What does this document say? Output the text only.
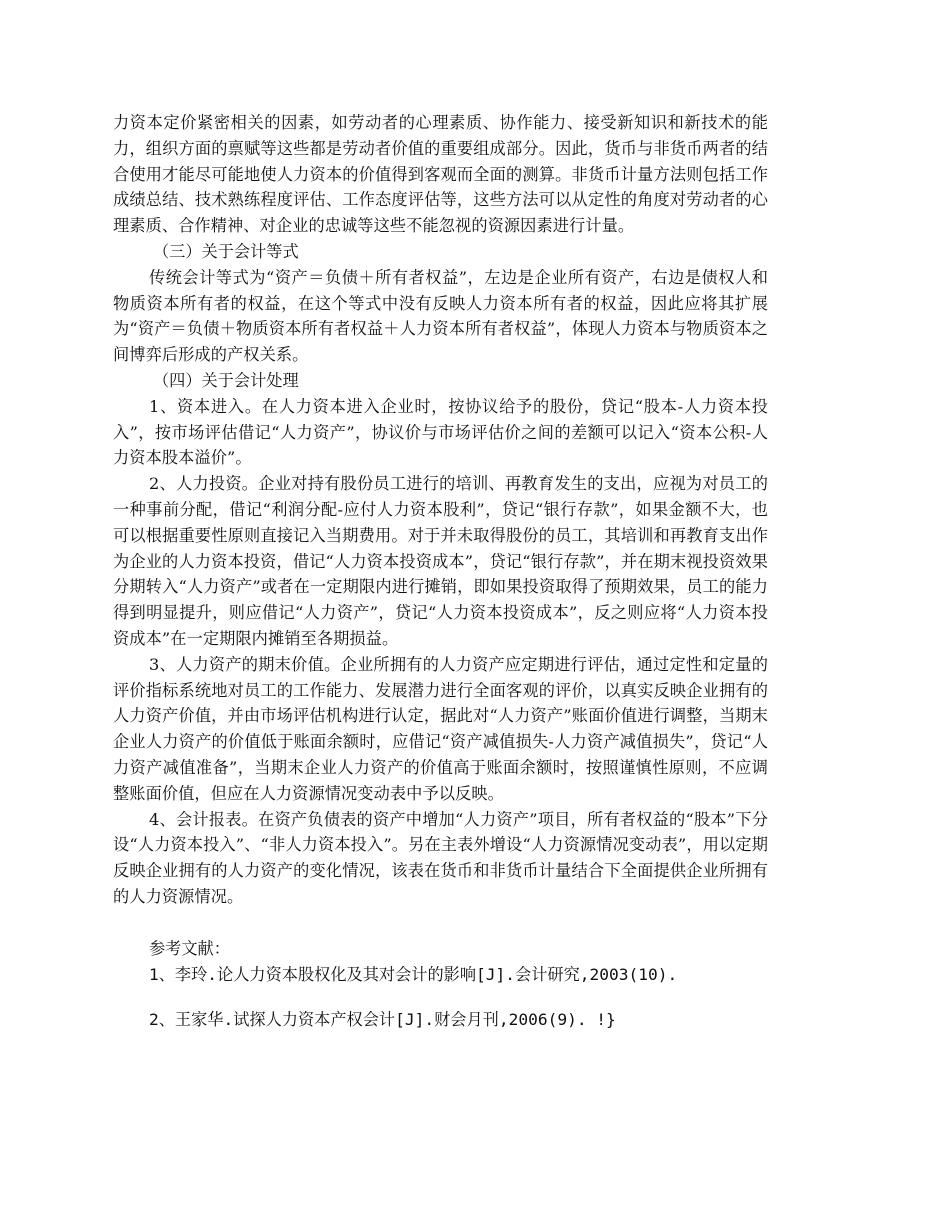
力资本定价紧密相关的因素，如劳动者的心理素质、协作能力、接受新知识和新技术的能力，组织方面的禀赋等这些都是劳动者价值的重要组成部分。因此，货币与非货币两者的结合使用才能尽可能地使人力资本的价值得到客观而全面的测算。非货币计量方法则包括工作成绩总结、技术熟练程度评估、工作态度评估等，这些方法可以从定性的角度对劳动者的心理素质、合作精神、对企业的忠诚等这些不能忽视的资源因素进行计量。

（三）关于会计等式

传统会计等式为“资产＝负债＋所有者权益”，左边是企业所有资产，右边是债权人和物质资本所有者的权益，在这个等式中没有反映人力资本所有者的权益，因此应将其扩展为“资产＝负债＋物质资本所有者权益＋人力资本所有者权益”，体现人力资本与物质资本之间博弈后形成的产权关系。

（四）关于会计处理

1、资本进入。在人力资本进入企业时，按协议给予的股份，贷记“股本-人力资本投入”，按市场评估借记“人力资产”，协议价与市场评估价之间的差额可以记入“资本公积-人力资本股本溢价”。

2、人力投资。企业对持有股份员工进行的培训、再教育发生的支出，应视为对员工的一种事前分配，借记“利润分配-应付人力资本股利”，贷记“银行存款”，如果金额不大，也可以根据重要性原则直接记入当期费用。对于并未取得股份的员工，其培训和再教育支出作为企业的人力资本投资，借记“人力资本投资成本”，贷记“银行存款”，并在期末视投资效果分期转入“人力资产”或者在一定期限内进行摊销，即如果投资取得了预期效果，员工的能力得到明显提升，则应借记“人力资产”，贷记“人力资本投资成本”，反之则应将“人力资本投资成本”在一定期限内摊销至各期损益。

3、人力资产的期末价值。企业所拥有的人力资产应定期进行评估，通过定性和定量的评价指标系统地对员工的工作能力、发展潜力进行全面客观的评价，以真实反映企业拥有的人力资产价值，并由市场评估机构进行认定，据此对“人力资产”账面价值进行调整，当期末企业人力资产的价值低于账面余额时，应借记“资产减值损失-人力资产减值损失”，贷记“人力资产减值准备”，当期末企业人力资产的价值高于账面余额时，按照谨慎性原则，不应调整账面价值，但应在人力资源情况变动表中予以反映。

4、会计报表。在资产负债表的资产中增加“人力资产”项目，所有者权益的“股本”下分设“人力资本投入”、“非人力资本投入”。另在主表外增设“人力资源情况变动表”，用以定期反映企业拥有的人力资产的变化情况，该表在货币和非货币计量结合下全面提供企业所拥有的人力资源情况。

参考文献：

1、李玲.论人力资本股权化及其对会计的影响[J].会计研究,2003(10).

2、王家华.试探人力资本产权会计[J].财会月刊,2006(9). !}
